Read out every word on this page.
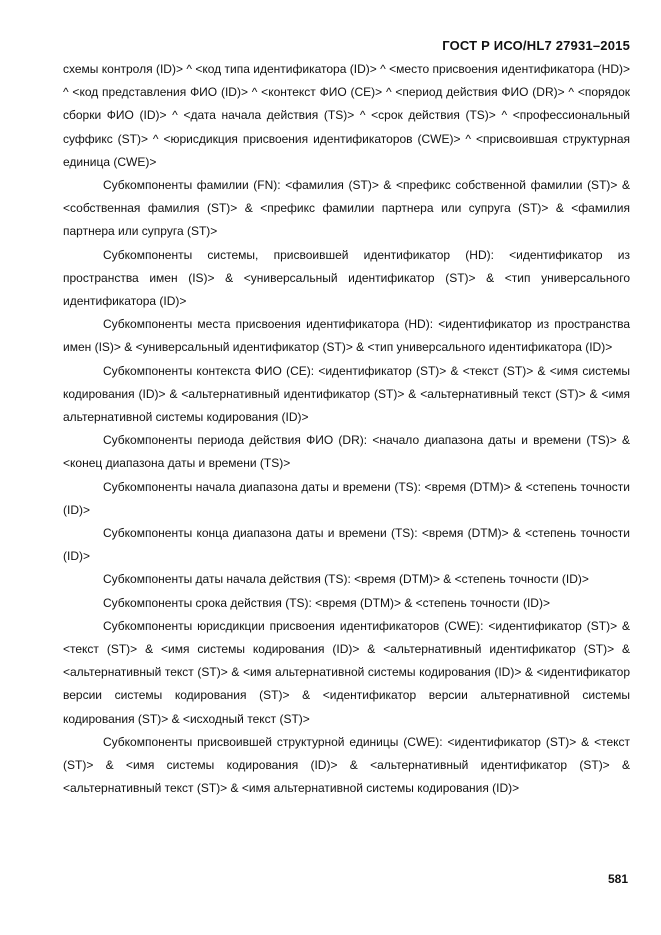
ГОСТ Р ИСО/HL7 27931–2015

схемы контроля (ID)> ^ <код типа идентификатора (ID)> ^ <место присвоения идентификатора (HD)> ^ <код представления ФИО (ID)> ^ <контекст ФИО (CE)> ^ <период действия ФИО (DR)> ^ <порядок сборки ФИО (ID)> ^ <дата начала действия (TS)> ^ <срок действия (TS)> ^ <профессиональный суффикс (ST)> ^ <юрисдикция присвоения идентификаторов (CWE)> ^ <присвоившая структурная единица (CWE)>

Субкомпоненты фамилии (FN): <фамилия (ST)> & <префикс собственной фамилии (ST)> & <собственная фамилия (ST)> & <префикс фамилии партнера или супруга (ST)> & <фамилия партнера или супруга (ST)>

Субкомпоненты системы, присвоившей идентификатор (HD): <идентификатор из пространства имен (IS)> & <универсальный идентификатор (ST)> & <тип универсального идентификатора (ID)>

Субкомпоненты места присвоения идентификатора (HD): <идентификатор из пространства имен (IS)> & <универсальный идентификатор (ST)> & <тип универсального идентификатора (ID)>

Субкомпоненты контекста ФИО (CE): <идентификатор (ST)> & <текст (ST)> & <имя системы кодирования (ID)> & <альтернативный идентификатор (ST)> & <альтернативный текст (ST)> & <имя альтернативной системы кодирования (ID)>

Субкомпоненты периода действия ФИО (DR): <начало диапазона даты и времени (TS)> & <конец диапазона даты и времени (TS)>

Субкомпоненты начала диапазона даты и времени (TS): <время (DTM)> & <степень точности (ID)>

Субкомпоненты конца диапазона даты и времени (TS): <время (DTM)> & <степень точности (ID)>

Субкомпоненты даты начала действия (TS): <время (DTM)> & <степень точности (ID)>

Субкомпоненты срока действия (TS): <время (DTM)> & <степень точности (ID)>

Субкомпоненты юрисдикции присвоения идентификаторов (CWE): <идентификатор (ST)> & <текст (ST)> & <имя системы кодирования (ID)> & <альтернативный идентификатор (ST)> & <альтернативный текст (ST)> & <имя альтернативной системы кодирования (ID)> & <идентификатор версии системы кодирования (ST)> & <идентификатор версии альтернативной системы кодирования (ST)> & <исходный текст (ST)>

Субкомпоненты присвоившей структурной единицы (CWE): <идентификатор (ST)> & <текст (ST)> & <имя системы кодирования (ID)> & <альтернативный идентификатор (ST)> & <альтернативный текст (ST)> & <имя альтернативной системы кодирования (ID)>

581
